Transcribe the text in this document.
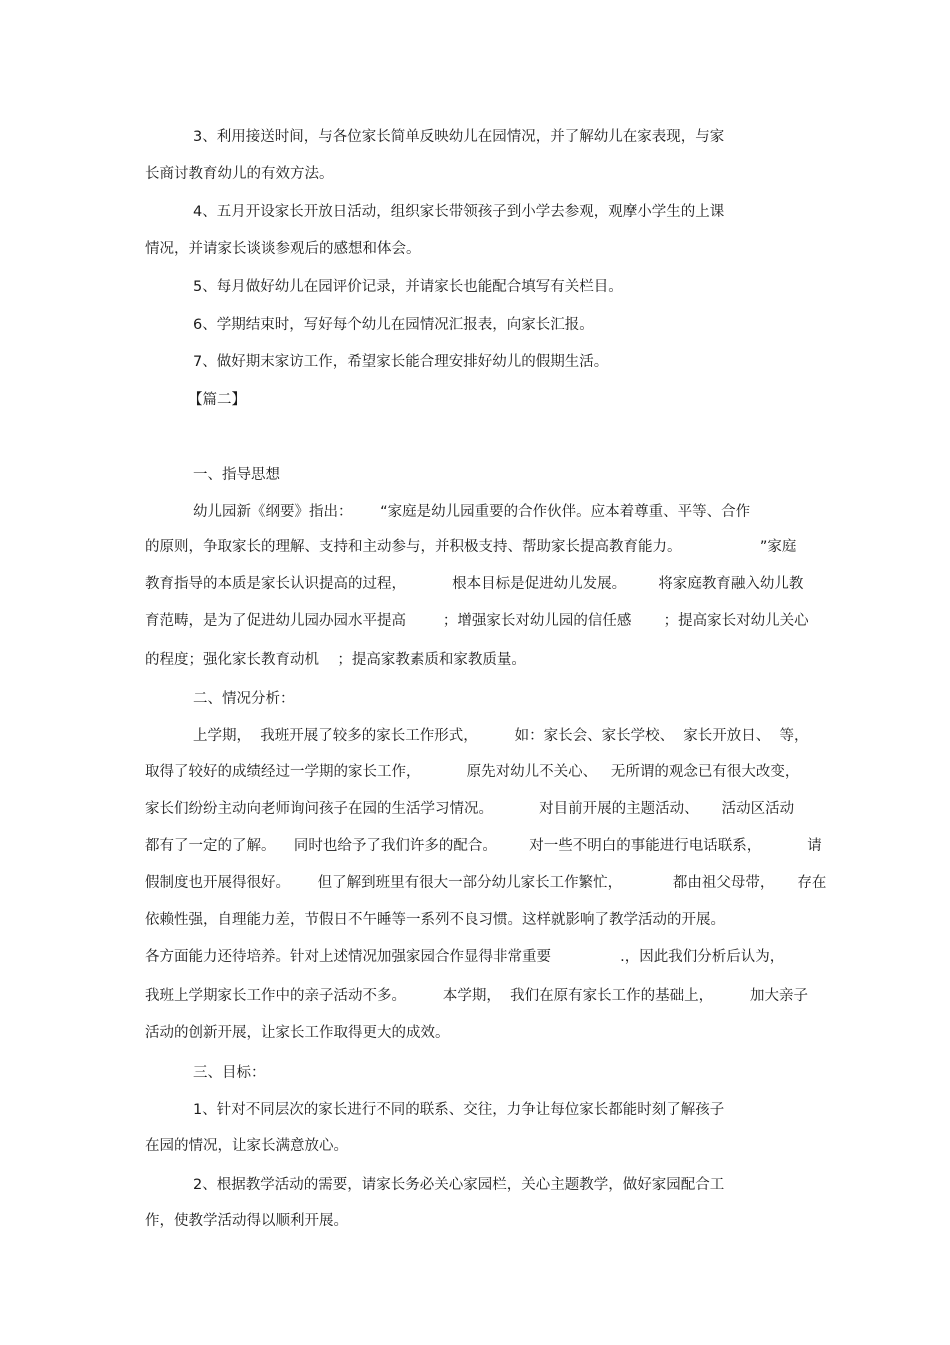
3、利用接送时间，与各位家长简单反映幼儿在园情况，并了解幼儿在家表现，与家
长商讨教育幼儿的有效方法。
4、五月开设家长开放日活动，组织家长带领孩子到小学去参观，观摩小学生的上课
情况，并请家长谈谈参观后的感想和体会。
5、每月做好幼儿在园评价记录，并请家长也能配合填写有关栏目。
6、学期结束时，写好每个幼儿在园情况汇报表，向家长汇报。
7、做好期末家访工作，希望家长能合理安排好幼儿的假期生活。
【篇二】
一、指导思想
幼儿园新《纲要》指出：      “家庭是幼儿园重要的合作伙伴。应本着尊重、平等、合作
的原则，争取家长的理解、支持和主动参与，并积极支持、帮助家长提高教育能力。                 ”家庭
教育指导的本质是家长认识提高的过程，          根本目标是促进幼儿发展。       将家庭教育融入幼儿教
育范畴，是为了促进幼儿园办园水平提高        ；增强家长对幼儿园的信任感       ；提高家长对幼儿关心
的程度；强化家长教育动机    ；提高家教素质和家教质量。
二、情况分析：
上学期，  我班开展了较多的家长工作形式，        如：家长会、家长学校、  家长开放日、  等，
取得了较好的成绩经过一学期的家长工作，          原先对幼儿不关心、   无所谓的观念已有很大改变，
家长们纷纷主动向老师询问孩子在园的生活学习情况。          对目前开展的主题活动、     活动区活动
都有了一定的了解。    同时也给予了我们许多的配合。       对一些不明白的事能进行电话联系，          请
假制度也开展得很好。      但了解到班里有很大一部分幼儿家长工作繁忙，           都由祖父母带，     存在
依赖性强，自理能力差，节假日不午睡等一系列不良习惯。这样就影响了教学活动的开展。
各方面能力还待培养。针对上述情况加强家园合作显得非常重要               .，因此我们分析后认为，
我班上学期家长工作中的亲子活动不多。        本学期，  我们在原有家长工作的基础上，        加大亲子
活动的创新开展，让家长工作取得更大的成效。
三、目标：
1、针对不同层次的家长进行不同的联系、交往，力争让每位家长都能时刻了解孩子
在园的情况，让家长满意放心。
2、根据教学活动的需要，请家长务必关心家园栏，关心主题教学，做好家园配合工
作，使教学活动得以顺利开展。
